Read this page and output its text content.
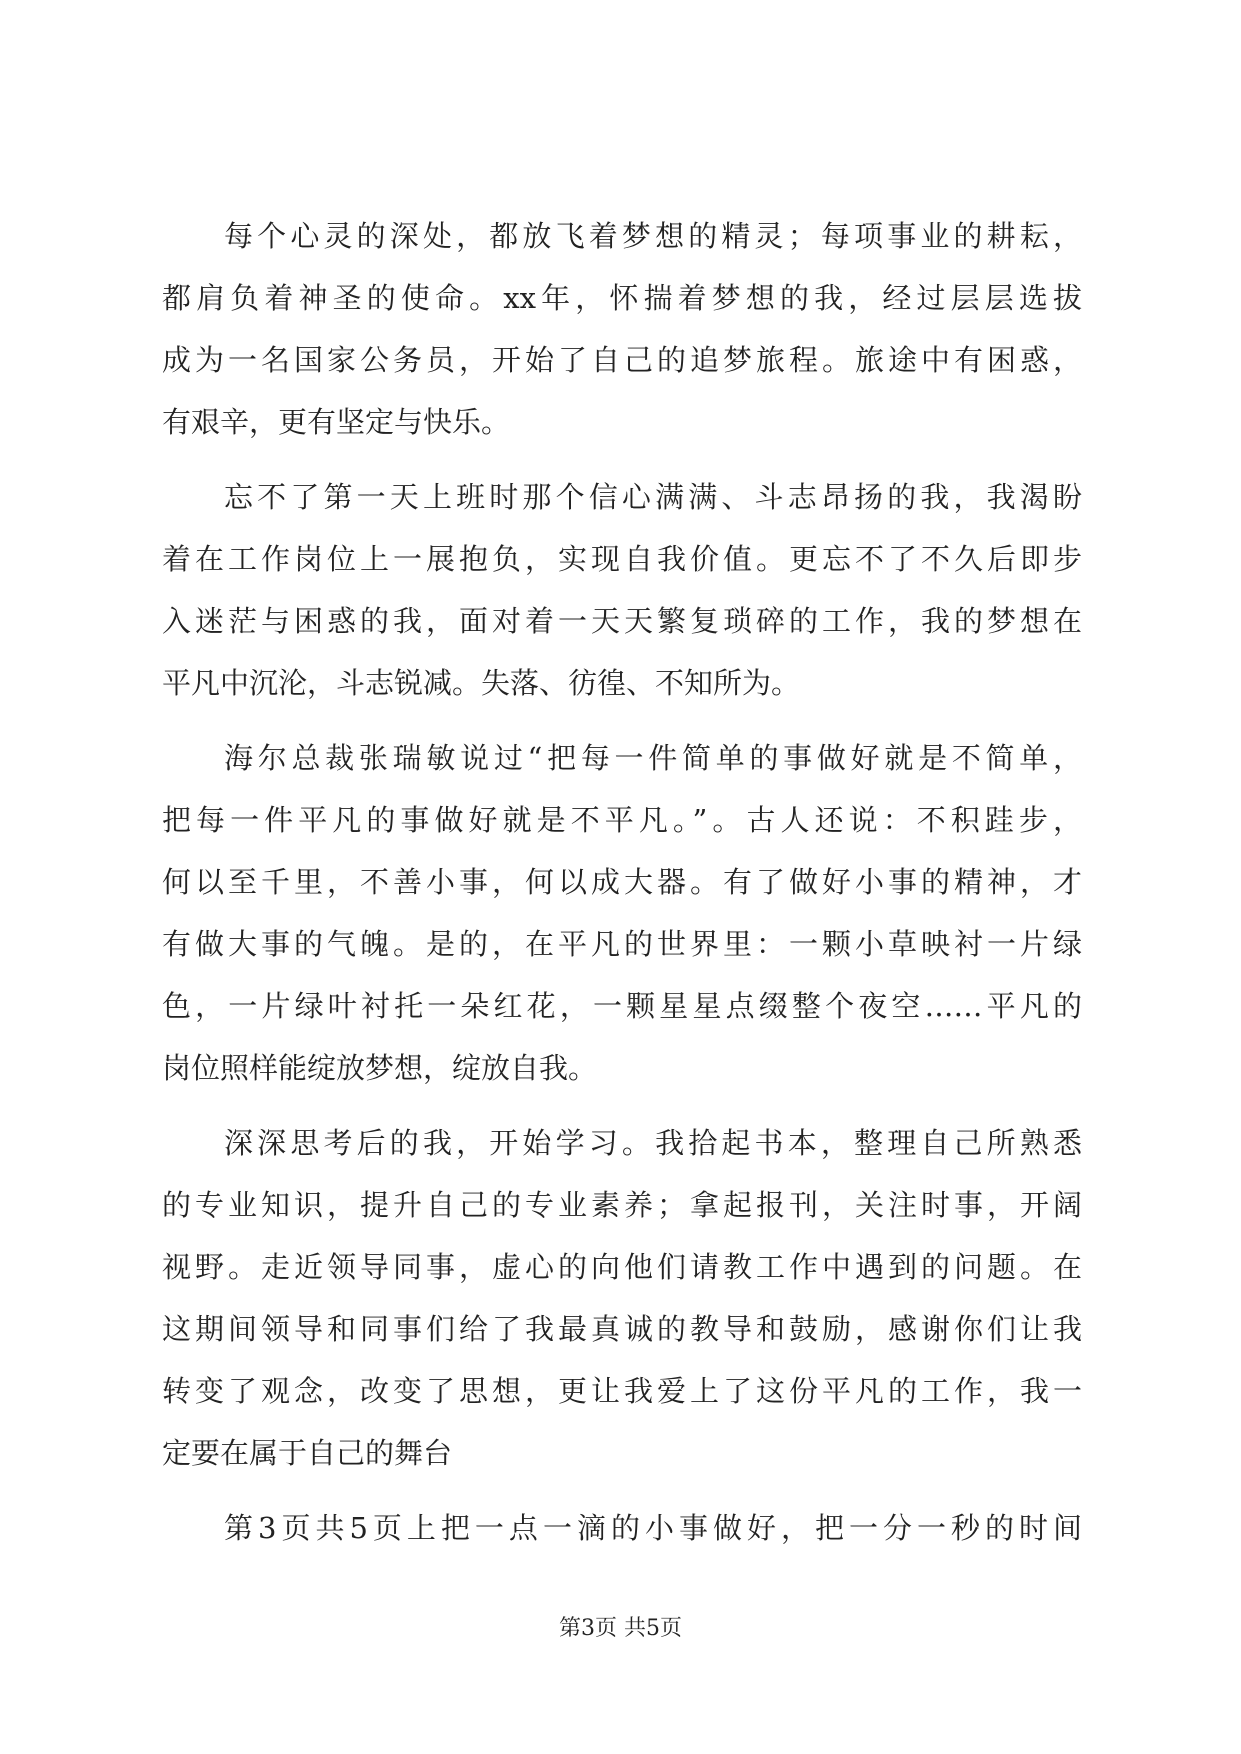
每个心灵的深处，都放飞着梦想的精灵；每项事业的耕耘，
都肩负着神圣的使命。xx年，怀揣着梦想的我，经过层层选拔
成为一名国家公务员，开始了自己的追梦旅程。旅途中有困惑，
有艰辛，更有坚定与快乐。
忘不了第一天上班时那个信心满满、斗志昂扬的我，我渴盼
着在工作岗位上一展抱负，实现自我价值。更忘不了不久后即步
入迷茫与困惑的我，面对着一天天繁复琐碎的工作，我的梦想在
平凡中沉沦，斗志锐减。失落、彷徨、不知所为。
海尔总裁张瑞敏说过“把每一件简单的事做好就是不简单，
把每一件平凡的事做好就是不平凡。”。古人还说：不积跬步，
何以至千里，不善小事，何以成大器。有了做好小事的精神，才
有做大事的气魄。是的，在平凡的世界里：一颗小草映衬一片绿
色，一片绿叶衬托一朵红花，一颗星星点缀整个夜空……平凡的
岗位照样能绽放梦想，绽放自我。
深深思考后的我，开始学习。我拾起书本，整理自己所熟悉
的专业知识，提升自己的专业素养；拿起报刊，关注时事，开阔
视野。走近领导同事，虚心的向他们请教工作中遇到的问题。在
这期间领导和同事们给了我最真诚的教导和鼓励，感谢你们让我
转变了观念，改变了思想，更让我爱上了这份平凡的工作，我一
定要在属于自己的舞台
第3页共5页上把一点一滴的小事做好，把一分一秒的时间
第3页 共5页
